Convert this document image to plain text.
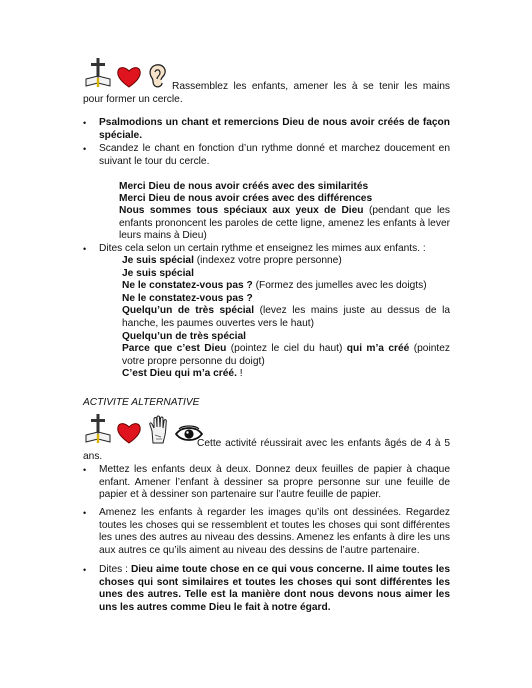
Rassemblez les enfants, amener les à se tenir les mains pour former un cercle.
• Psalmodions un chant et remercions Dieu de nous avoir créés de façon spéciale.
• Scandez le chant en fonction d’un rythme donné et marchez doucement en suivant le tour du cercle.
Merci Dieu de nous avoir créés avec des similarités
Merci Dieu de nous avoir crées avec des différences
Nous sommes tous spéciaux aux yeux de Dieu (pendant que les enfants prononcent les paroles de cette ligne, amenez les enfants à lever leurs mains à Dieu)
• Dites cela selon un certain rythme et enseignez les mimes aux enfants. :
Je suis spécial (indexez votre propre personne)
Je suis spécial
Ne le constatez-vous pas ? (Formez des jumelles avec les doigts)
Ne le constatez-vous pas ?
Quelqu’un de très spécial (levez les mains juste au dessus de la hanche, les paumes ouvertes vers le haut)
Quelqu’un de très spécial
Parce que c’est Dieu (pointez le ciel du haut) qui m’a créé (pointez votre propre personne du doigt)
C’est Dieu qui m’a créé. !
ACTIVITE ALTERNATIVE
Cette activité réussirait avec les enfants âgés de 4 à 5 ans.
• Mettez les enfants deux à deux. Donnez deux feuilles de papier à chaque enfant. Amener l’enfant à dessiner sa propre personne sur une feuille de papier et à dessiner son partenaire sur l’autre feuille de papier.
• Amenez les enfants à regarder les images qu’ils ont dessinées. Regardez toutes les choses qui se ressemblent et toutes les choses qui sont différentes les unes des autres au niveau des dessins. Amenez les enfants à dire les uns aux autres ce qu’ils aiment au niveau des dessins de l’autre partenaire.
• Dites : Dieu aime toute chose en ce qui vous concerne. Il aime toutes les choses qui sont similaires et toutes les choses qui sont différentes les unes des autres. Telle est la manière dont nous devons nous aimer les uns les autres comme Dieu le fait à notre égard.
